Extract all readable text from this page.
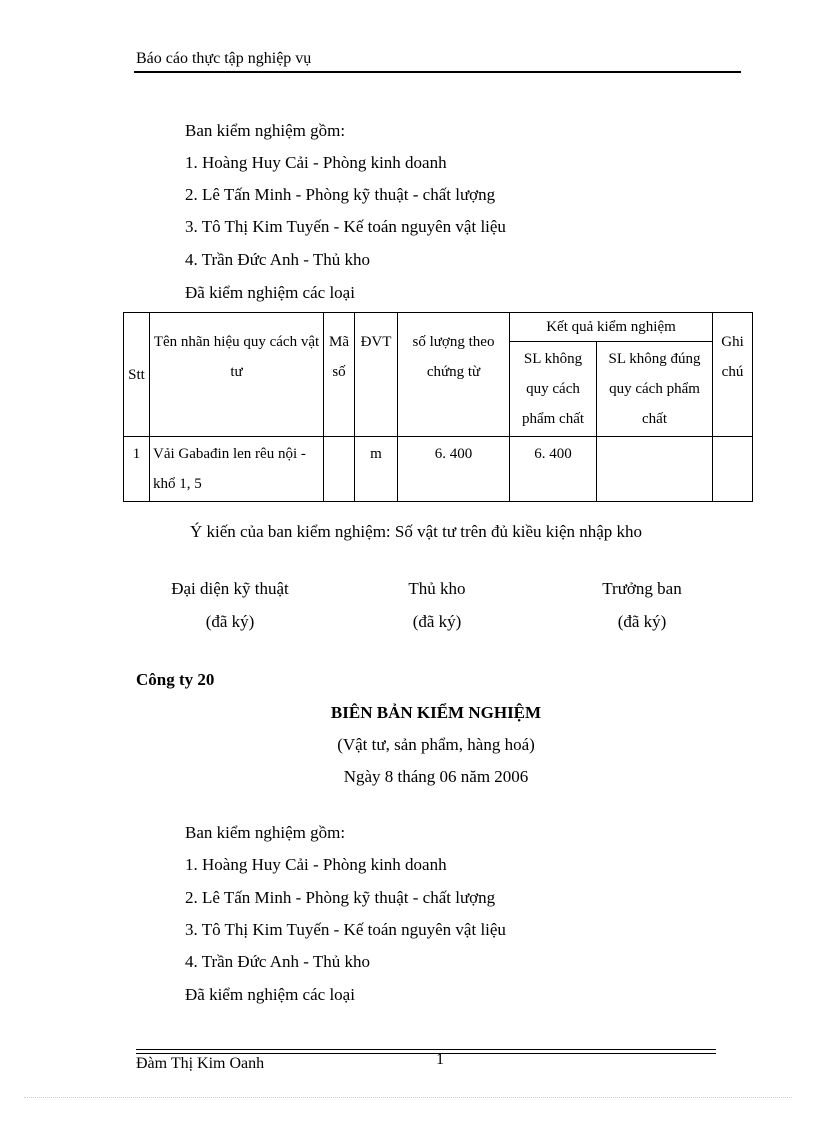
Báo cáo thực tập nghiệp vụ
Ban kiểm nghiệm gồm:
1. Hoàng Huy Cải - Phòng kinh doanh
2. Lê Tấn Minh - Phòng kỹ thuật - chất lượng
3. Tô Thị Kim Tuyến - Kế toán nguyên vật liệu
4. Trần Đức Anh - Thủ kho
Đã kiểm nghiệm các loại
Stt	Tên nhãn hiệu quy cách vật tư	Mã số	ĐVT	số lượng theo chứng từ	Kết quả kiểm nghiệm		Ghi chú
					SL không quy cách phẩm chất	SL không đúng quy cách phẩm chất	
1	Vải Gabađin len rêu nội - khổ 1, 5		m	6. 400	6. 400		
Ý kiến của ban kiểm nghiệm: Số vật tư trên đủ kiều kiện nhập kho
Đại diện kỹ thuật
(đã ký)
Thủ kho
(đã ký)
Trưởng ban
(đã ký)
Công ty 20
BIÊN BẢN KIỂM NGHIỆM
(Vật tư, sản phẩm, hàng hoá)
Ngày 8 tháng 06 năm 2006
Ban kiểm nghiệm gồm:
1. Hoàng Huy Cải - Phòng kinh doanh
2. Lê Tấn Minh - Phòng kỹ thuật - chất lượng
3. Tô Thị Kim Tuyến - Kế toán nguyên vật liệu
4. Trần Đức Anh - Thủ kho
Đã kiểm nghiệm các loại
1
Đàm Thị Kim Oanh
